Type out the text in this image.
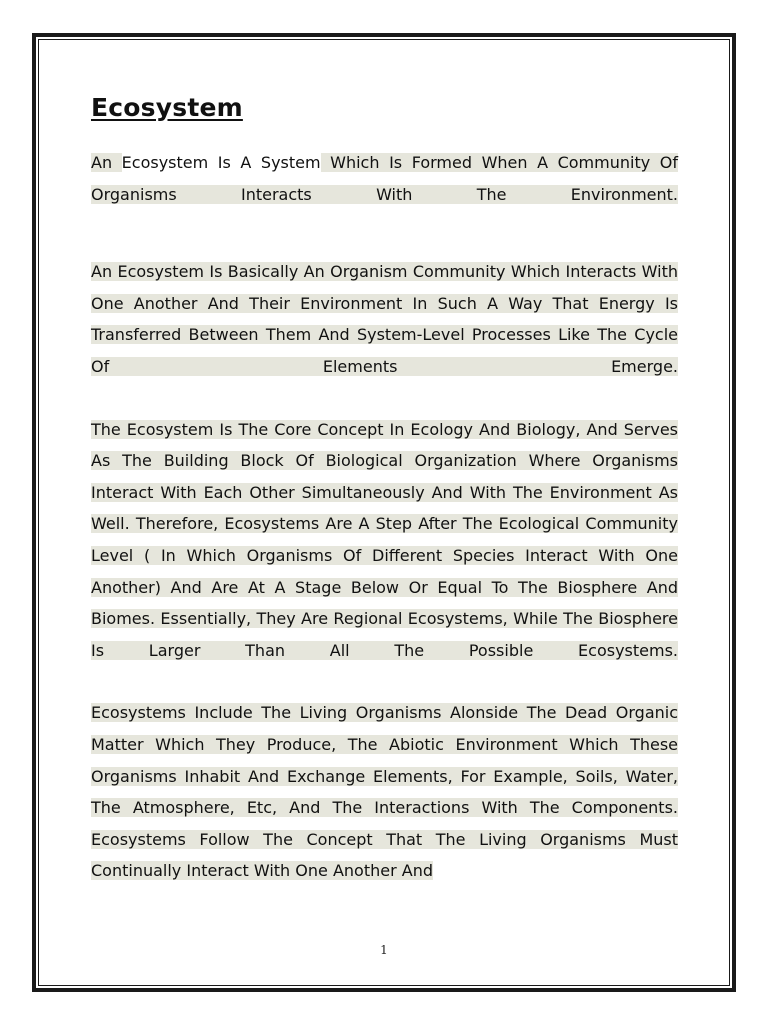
Ecosystem

An Ecosystem Is A System Which Is Formed When A Community Of Organisms Interacts With The Environment.

An Ecosystem Is Basically An Organism Community Which Interacts With One Another And Their Environment In Such A Way That Energy Is Transferred Between Them And System-Level Processes Like The Cycle Of Elements Emerge.

The Ecosystem Is The Core Concept In Ecology And Biology, And Serves As The Building Block Of Biological Organization Where Organisms Interact With Each Other Simultaneously And With The Environment As Well. Therefore, Ecosystems Are A Step After The Ecological Community Level ( In Which Organisms Of Different Species Interact With One Another) And Are At A Stage Below Or Equal To The Biosphere And Biomes. Essentially, They Are Regional Ecosystems, While The Biosphere Is Larger Than All The Possible Ecosystems.

Ecosystems Include The Living Organisms Alonside The Dead Organic Matter Which They Produce, The Abiotic Environment Which These Organisms Inhabit And Exchange Elements, For Example, Soils, Water, The Atmosphere, Etc, And The Interactions With The Components. Ecosystems Follow The Concept That The Living Organisms Must Continually Interact With One Another And

1
